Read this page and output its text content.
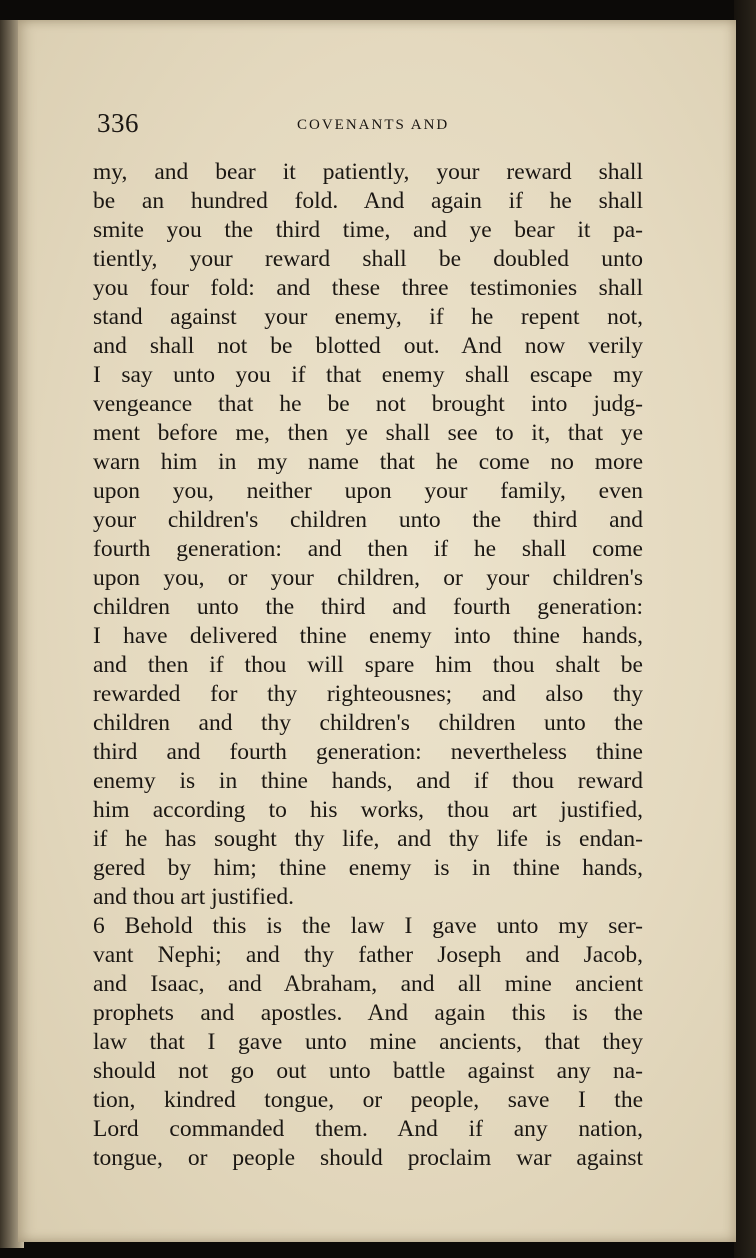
336	COVENANTS AND
my, and bear it patiently, your reward shall
be an hundred fold. And again if he shall
smite you the third time, and ye bear it pa-
tiently, your reward shall be doubled unto
you four fold: and these three testimonies shall
stand against your enemy, if he repent not,
and shall not be blotted out. And now verily
I say unto you if that enemy shall escape my
vengeance that he be not brought into judg-
ment before me, then ye shall see to it, that ye
warn him in my name that he come no more
upon you, neither upon your family, even
your children's children unto the third and
fourth generation: and then if he shall come
upon you, or your children, or your children's
children unto the third and fourth generation:
I have delivered thine enemy into thine hands,
and then if thou will spare him thou shalt be
rewarded for thy righteousnes; and also thy
children and thy children's children unto the
third and fourth generation: nevertheless thine
enemy is in thine hands, and if thou reward
him according to his works, thou art justified,
if he has sought thy life, and thy life is endan-
gered by him; thine enemy is in thine hands,
and thou art justified.
6 Behold this is the law I gave unto my ser-
vant Nephi; and thy father Joseph and Jacob,
and Isaac, and Abraham, and all mine ancient
prophets and apostles. And again this is the
law that I gave unto mine ancients, that they
should not go out unto battle against any na-
tion, kindred tongue, or people, save I the
Lord commanded them. And if any nation,
tongue, or people should proclaim war against
